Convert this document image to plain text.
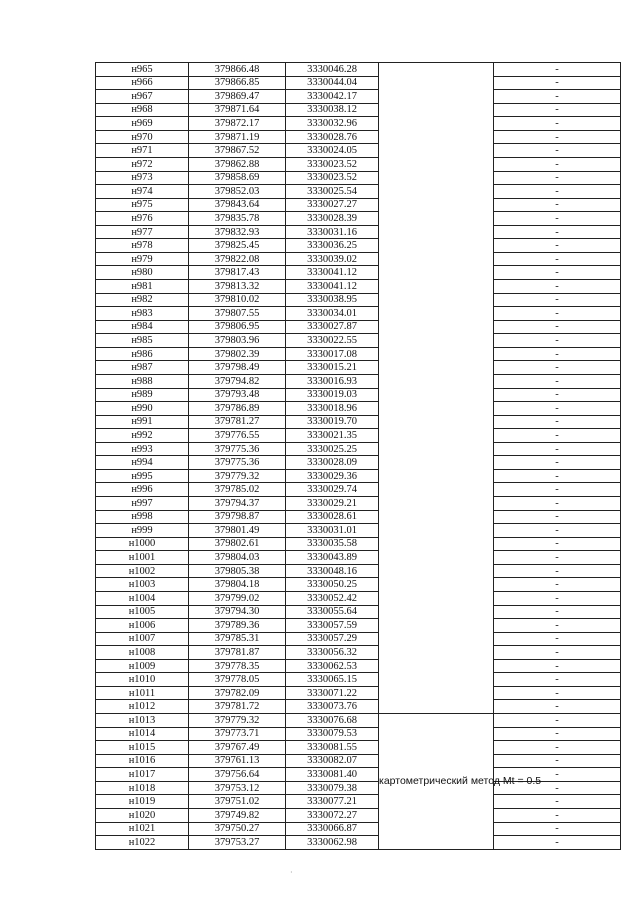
н965	379866.48	3330046.28		-
н966	379866.85	3330044.04		-
н967	379869.47	3330042.17		-
н968	379871.64	3330038.12		-
н969	379872.17	3330032.96		-
н970	379871.19	3330028.76		-
н971	379867.52	3330024.05		-
н972	379862.88	3330023.52		-
н973	379858.69	3330023.52		-
н974	379852.03	3330025.54		-
н975	379843.64	3330027.27		-
н976	379835.78	3330028.39		-
н977	379832.93	3330031.16		-
н978	379825.45	3330036.25		-
н979	379822.08	3330039.02		-
н980	379817.43	3330041.12		-
н981	379813.32	3330041.12		-
н982	379810.02	3330038.95		-
н983	379807.55	3330034.01		-
н984	379806.95	3330027.87		-
н985	379803.96	3330022.55		-
н986	379802.39	3330017.08		-
н987	379798.49	3330015.21		-
н988	379794.82	3330016.93		-
н989	379793.48	3330019.03		-
н990	379786.89	3330018.96		-
н991	379781.27	3330019.70		-
н992	379776.55	3330021.35		-
н993	379775.36	3330025.25		-
н994	379775.36	3330028.09		-
н995	379779.32	3330029.36		-
н996	379785.02	3330029.74		-
н997	379794.37	3330029.21		-
н998	379798.87	3330028.61		-
н999	379801.49	3330031.01		-
н1000	379802.61	3330035.58		-
н1001	379804.03	3330043.89		-
н1002	379805.38	3330048.16		-
н1003	379804.18	3330050.25		-
н1004	379799.02	3330052.42		-
н1005	379794.30	3330055.64		-
н1006	379789.36	3330057.59		-
н1007	379785.31	3330057.29		-
н1008	379781.87	3330056.32		-
н1009	379778.35	3330062.53		-
н1010	379778.05	3330065.15		-
н1011	379782.09	3330071.22		-
н1012	379781.72	3330073.76		-
н1013	379779.32	3330076.68	картометрический метод Mt = 0.5	-
н1014	379773.71	3330079.53		-
н1015	379767.49	3330081.55		-
н1016	379761.13	3330082.07		-
н1017	379756.64	3330081.40		-
н1018	379753.12	3330079.38		-
н1019	379751.02	3330077.21		-
н1020	379749.82	3330072.27		-
н1021	379750.27	3330066.87		-
н1022	379753.27	3330062.98		-
·
